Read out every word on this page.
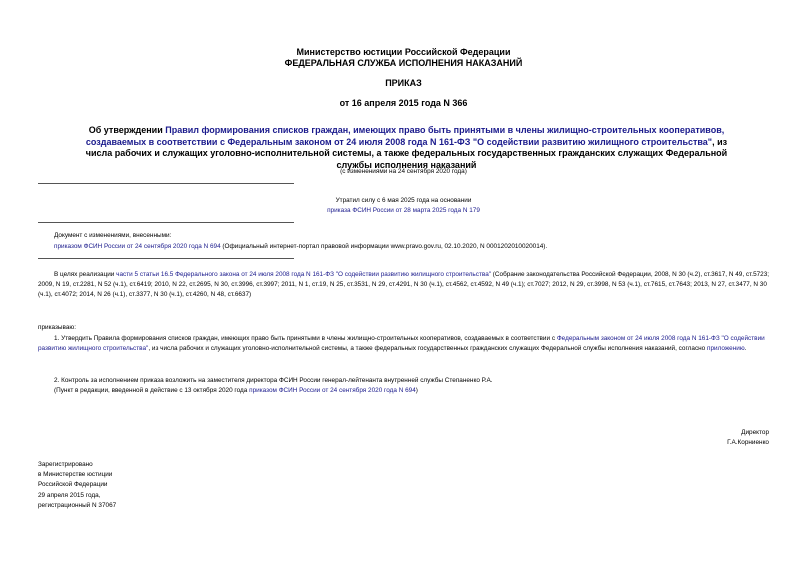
Министерство юстиции Российской Федерации
ФЕДЕРАЛЬНАЯ СЛУЖБА ИСПОЛНЕНИЯ НАКАЗАНИЙ
ПРИКАЗ
от 16 апреля 2015 года N 366
Об утверждении Правил формирования списков граждан, имеющих право быть принятыми в члены жилищно-строительных кооперативов, создаваемых в соответствии с Федеральным законом от 24 июля 2008 года N 161-ФЗ "О содействии развитию жилищного строительства", из числа рабочих и служащих уголовно-исполнительной системы, а также федеральных государственных гражданских служащих Федеральной службы исполнения наказаний
(с изменениями на 24 сентября 2020 года)
Утратил силу с 6 мая 2025 года на основании
приказа ФСИН России от 28 марта 2025 года N 179
Документ с изменениями, внесенными:
приказом ФСИН России от 24 сентября 2020 года N 694 (Официальный интернет-портал правовой информации www.pravo.gov.ru, 02.10.2020, N 0001202010020014).
В целях реализации части 5 статьи 16.5 Федерального закона от 24 июля 2008 года N 161-ФЗ "О содействии развитию жилищного строительства" (Собрание законодательства Российской Федерации, 2008, N 30 (ч.2), ст.3617, N 49, ст.5723; 2009, N 19, ст.2281, N 52 (ч.1), ст.6419; 2010, N 22, ст.2695, N 30, ст.3996, ст.3997; 2011, N 1, ст.19, N 25, ст.3531, N 29, ст.4291, N 30 (ч.1), ст.4562, ст.4592, N 49 (ч.1); ст.7027; 2012, N 29, ст.3998, N 53 (ч.1), ст.7615, ст.7643; 2013, N 27, ст.3477, N 30 (ч.1), ст.4072; 2014, N 26 (ч.1), ст.3377, N 30 (ч.1), ст.4260, N 48, ст.6637)
приказываю:
1. Утвердить Правила формирования списков граждан, имеющих право быть принятыми в члены жилищно-строительных кооперативов, создаваемых в соответствии с Федеральным законом от 24 июля 2008 года N 161-ФЗ "О содействии развитию жилищного строительства", из числа рабочих и служащих уголовно-исполнительной системы, а также федеральных государственных гражданских служащих Федеральной службы исполнения наказаний, согласно приложению.
2. Контроль за исполнением приказа возложить на заместителя директора ФСИН России генерал-лейтенанта внутренней службы Степаненко Р.А.
(Пункт в редакции, введенной в действие с 13 октября 2020 года приказом ФСИН России от 24 сентября 2020 года N 694)
Директор
Г.А.Корниенко
Зарегистрировано
в Министерстве юстиции
Российской Федерации
29 апреля 2015 года,
регистрационный N 37067
